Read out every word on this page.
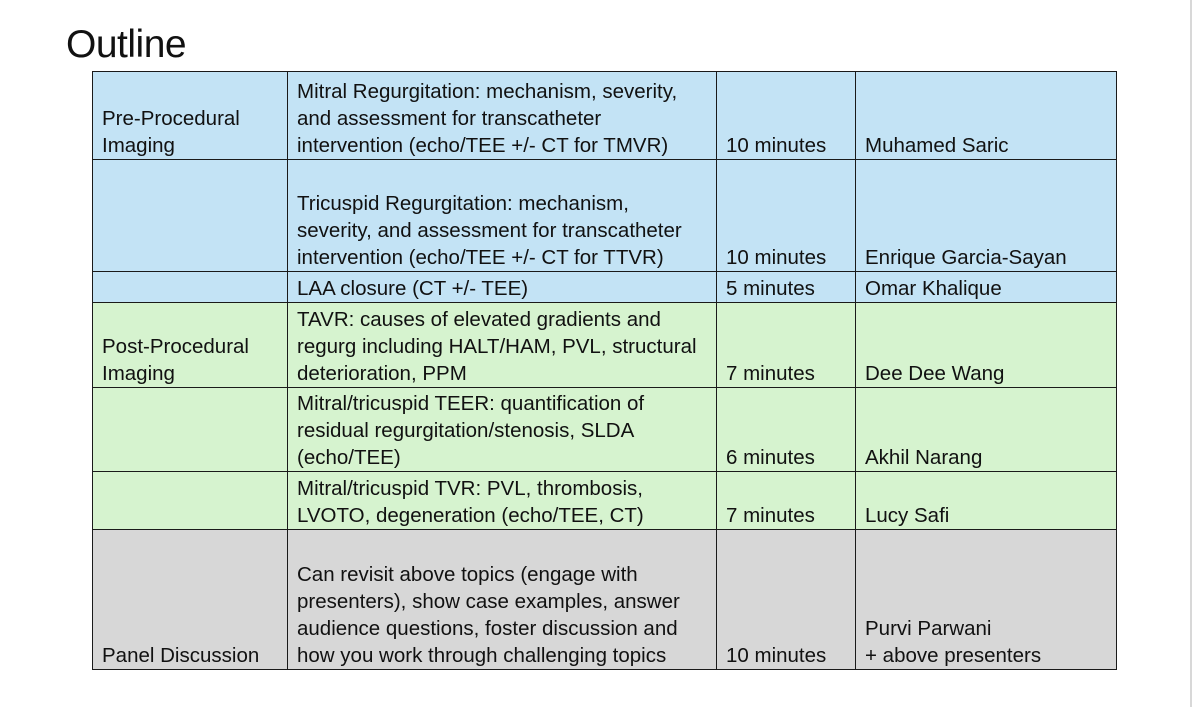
Outline
Pre-Procedural
Imaging	Mitral Regurgitation: mechanism, severity, and assessment for transcatheter intervention (echo/TEE +/- CT for TMVR)	10 minutes	Muhamed Saric

	Tricuspid Regurgitation: mechanism, severity, and assessment for transcatheter intervention (echo/TEE +/- CT for TTVR)	10 minutes	Enrique Garcia-Sayan

	LAA closure (CT +/- TEE)	5 minutes	Omar Khalique

Post-Procedural
Imaging	TAVR: causes of elevated gradients and regurg including HALT/HAM, PVL, structural deterioration, PPM	7 minutes	Dee Dee Wang

	Mitral/tricuspid TEER: quantification of residual regurgitation/stenosis, SLDA (echo/TEE)	6 minutes	Akhil Narang

	Mitral/tricuspid TVR: PVL, thrombosis, LVOTO, degeneration (echo/TEE, CT)	7 minutes	Lucy Safi

Panel Discussion	Can revisit above topics (engage with presenters), show case examples, answer audience questions, foster discussion and how you work through challenging topics	10 minutes	Purvi Parwani
+ above presenters
